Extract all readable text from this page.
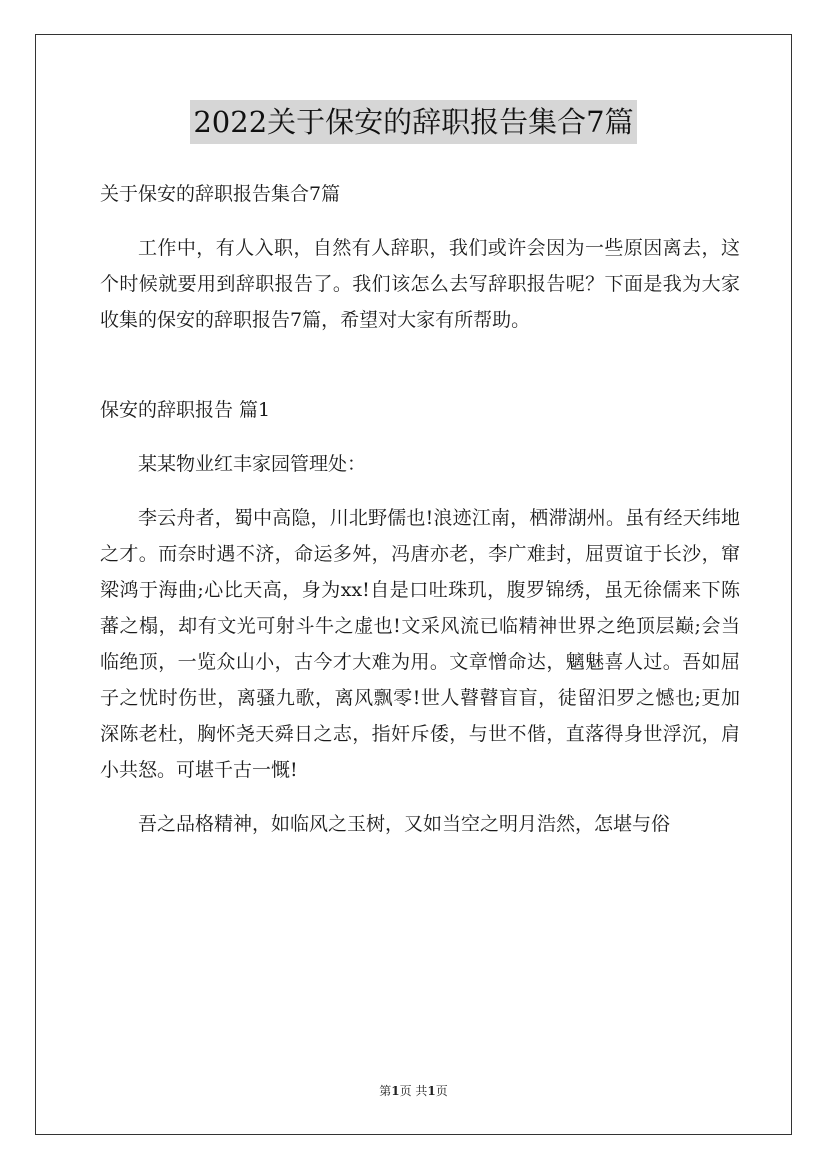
2022关于保安的辞职报告集合7篇

关于保安的辞职报告集合7篇

工作中，有人入职，自然有人辞职，我们或许会因为一些原因离去，这个时候就要用到辞职报告了。我们该怎么去写辞职报告呢？下面是我为大家收集的保安的辞职报告7篇，希望对大家有所帮助。

保安的辞职报告 篇1

某某物业红丰家园管理处：

李云舟者，蜀中高隐，川北野儒也!浪迹江南，栖滞湖州。虽有经天纬地之才。而奈时遇不济，命运多舛，冯唐亦老，李广难封，屈贾谊于长沙，窜梁鸿于海曲;心比天高，身为xx!自是口吐珠玑，腹罗锦绣，虽无徐儒来下陈蕃之榻，却有文光可射斗牛之虚也!文采风流已临精神世界之绝顶层巅;会当临绝顶，一览众山小，古今才大难为用。文章憎命达，魑魅喜人过。吾如屈子之忧时伤世，离骚九歌，离风飘零!世人瞽瞽盲盲，徒留汨罗之憾也;更加深陈老杜，胸怀尧天舜日之志，指奸斥倭，与世不偕，直落得身世浮沉，肩小共怒。可堪千古一慨!

吾之品格精神，如临风之玉树，又如当空之明月浩然，怎堪与俗

第1页 共1页
